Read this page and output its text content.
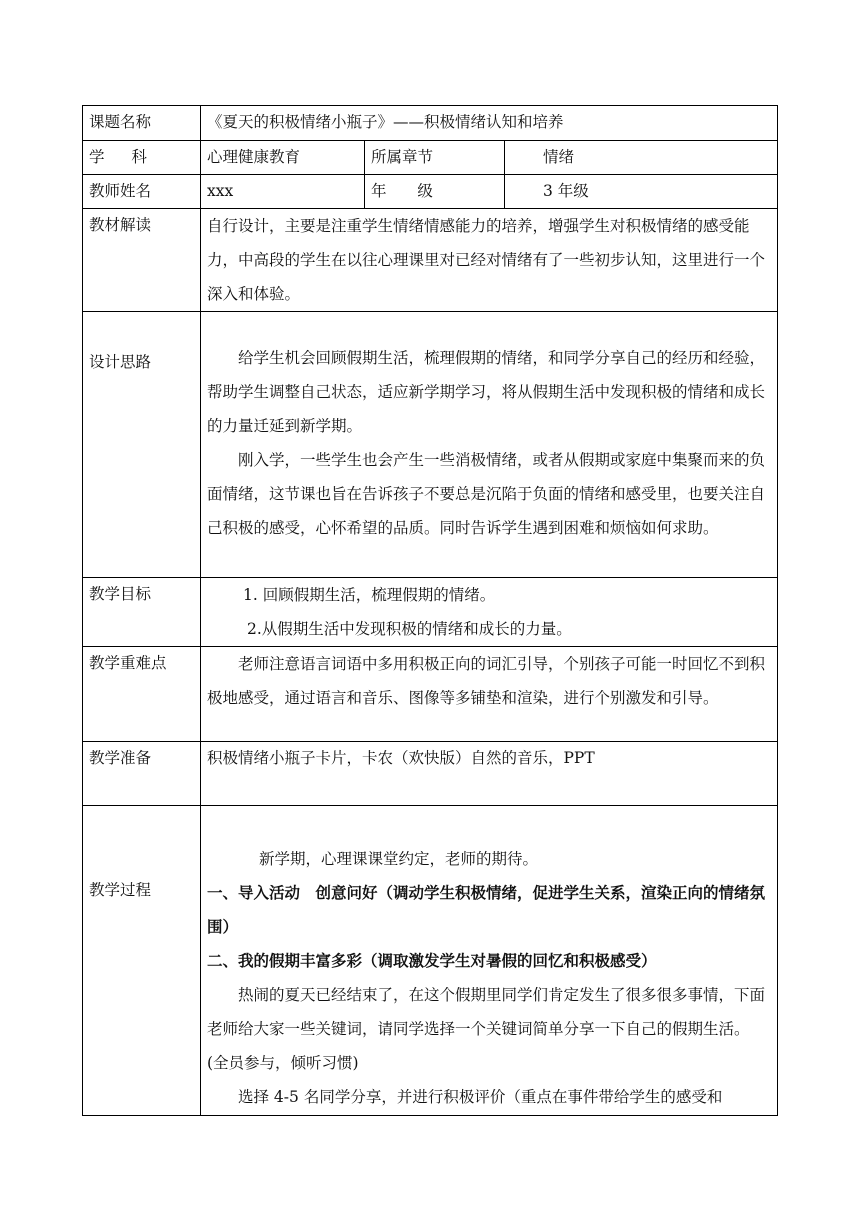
课题名称	《夏天的积极情绪小瓶子》——积极情绪认知和培养		
学 科	心理健康教育	所属章节	情绪
教师姓名	xxx	年 级	3 年级
教材解读	自行设计，主要是注重学生情绪情感能力的培养，增强学生对积极情绪的感受能力，中高段的学生在以往心理课里对已经对情绪有了一些初步认知，这里进行一个深入和体验。		

设计思路	给学生机会回顾假期生活，梳理假期的情绪，和同学分享自己的经历和经验，帮助学生调整自己状态，适应新学期学习，将从假期生活中发现积极的情绪和成长的力量迁延到新学期。

刚入学，一些学生也会产生一些消极情绪，或者从假期或家庭中集聚而来的负面情绪，这节课也旨在告诉孩子不要总是沉陷于负面的情绪和感受里，也要关注自己积极的感受，心怀希望的品质。同时告诉学生遇到困难和烦恼如何求助。		

教学目标	1. 回顾假期生活，梳理假期的情绪。

2.从假期生活中发现积极的情绪和成长的力量。		

教学重难点	老师注意语言词语中多用积极正向的词汇引导，个别孩子可能一时回忆不到积极地感受，通过语言和音乐、图像等多铺垫和渲染，进行个别激发和引导。		

教学准备	积极情绪小瓶子卡片，卡农（欢快版）自然的音乐，PPT		
教学过程	新学期，心理课课堂约定，老师的期待。

一、导入活动　创意问好（调动学生积极情绪，促进学生关系，渲染正向的情绪氛围）

二、我的假期丰富多彩（调取激发学生对暑假的回忆和积极感受）

热闹的夏天已经结束了，在这个假期里同学们肯定发生了很多很多事情，下面老师给大家一些关键词，请同学选择一个关键词简单分享一下自己的假期生活。(全员参与，倾听习惯)

选择 4-5 名同学分享，并进行积极评价（重点在事件带给学生的感受和		
